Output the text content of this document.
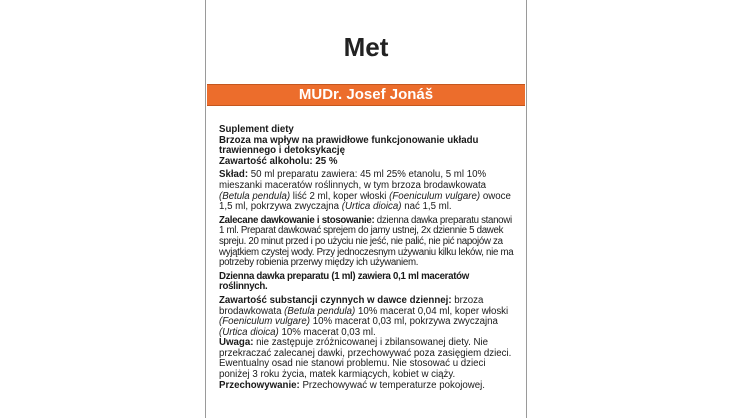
Met
MUDr. Josef Jonáš

Suplement diety

Brzoza ma wpływ na prawidłowe funkcjonowanie układu trawiennego i detoksykację

Zawartość alkoholu: 25 %

Skład: 50 ml preparatu zawiera: 45 ml 25% etanolu, 5 ml 10% mieszanki maceratów roślinnych, w tym brzoza brodawkowata (Betula pendula) liść 2 ml, koper włoski (Foeniculum vulgare) owoce 1,5 ml, pokrzywa zwyczajna (Urtica dioica) nać 1,5 ml.

Zalecane dawkowanie i stosowanie: dzienna dawka preparatu stanowi 1 ml. Preparat dawkować sprejem do jamy ustnej, 2x dziennie 5 dawek spreju. 20 minut przed i po użyciu nie jeść, nie palić, nie pić napojów za wyjątkiem czystej wody. Przy jednoczesnym używaniu kilku leków, nie ma potrzeby robienia przerwy między ich używaniem.

Dzienna dawka preparatu (1 ml) zawiera 0,1 ml maceratów roślinnych.

Zawartość substancji czynnych w dawce dziennej: brzoza brodawkowata (Betula pendula) 10% macerat 0,04 ml, koper włoski (Foeniculum vulgare) 10% macerat 0,03 ml, pokrzywa zwyczajna (Urtica dioica) 10% macerat 0,03 ml.

Uwaga: nie zastępuje zróżnicowanej i zbilansowanej diety. Nie przekraczać zalecanej dawki, przechowywać poza zasięgiem dzieci. Ewentualny osad nie stanowi problemu. Nie stosować u dzieci poniżej 3 roku życia, matek karmiących, kobiet w ciąży.

Przechowywanie: Przechowywać w temperaturze pokojowej.
